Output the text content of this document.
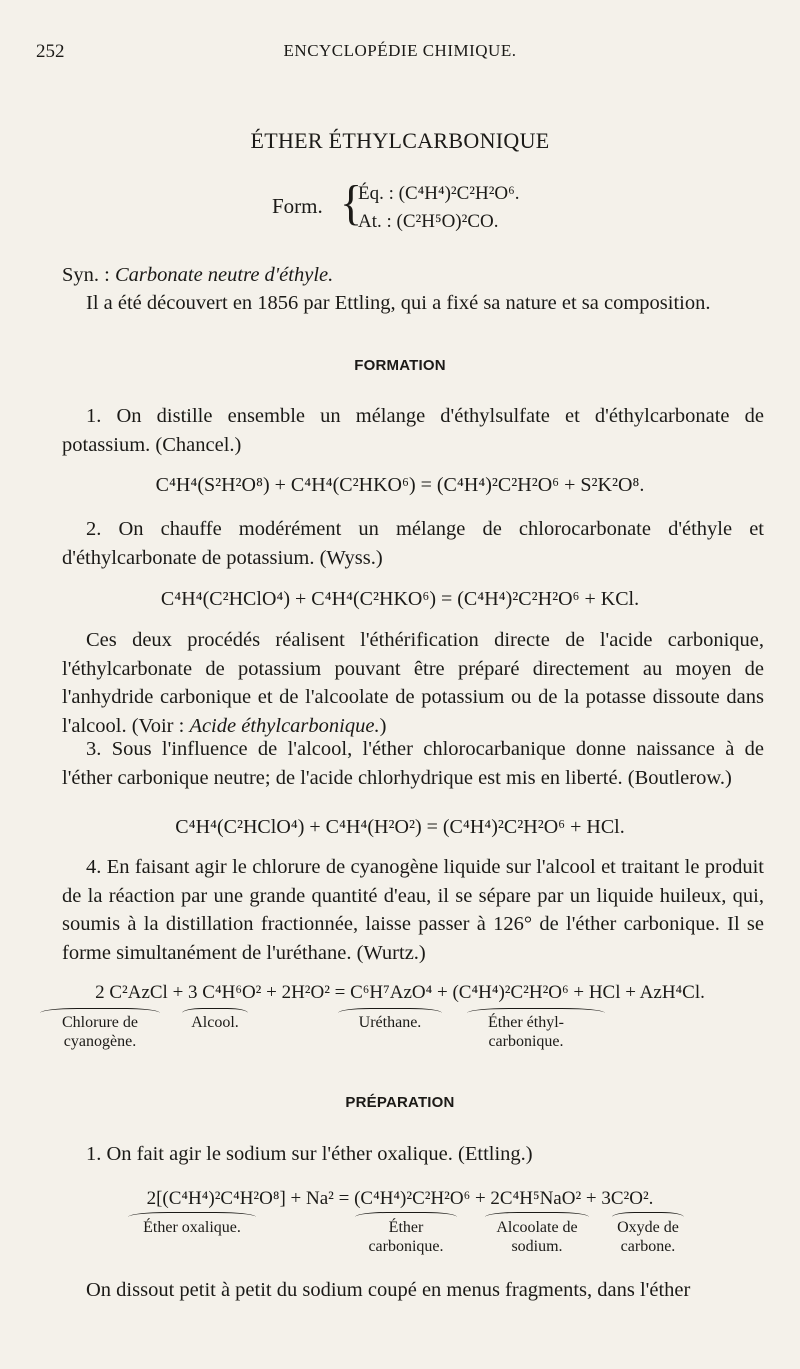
252	ENCYCLOPÉDIE CHIMIQUE.
ÉTHER ÉTHYLCARBONIQUE
Form. {
Éq. : (C⁴H⁴)²C²H²O⁶.
At. : (C²H⁵O)²CO.
Syn. : Carbonate neutre d'éthyle.
Il a été découvert en 1856 par Ettling, qui a fixé sa nature et sa composition.
FORMATION
1. On distille ensemble un mélange d'éthylsulfate et d'éthylcarbonate de potassium. (Chancel.)
C⁴H⁴(S²H²O⁸) + C⁴H⁴(C²HKO⁶) = (C⁴H⁴)²C²H²O⁶ + S²K²O⁸.
2. On chauffe modérément un mélange de chlorocarbonate d'éthyle et d'éthylcarbonate de potassium. (Wyss.)
C⁴H⁴(C²HClO⁴) + C⁴H⁴(C²HKO⁶) = (C⁴H⁴)²C²H²O⁶ + KCl.
Ces deux procédés réalisent l'éthérification directe de l'acide carbonique, l'éthylcarbonate de potassium pouvant être préparé directement au moyen de l'anhydride carbonique et de l'alcoolate de potassium ou de la potasse dissoute dans l'alcool. (Voir : Acide éthylcarbonique.)
3. Sous l'influence de l'alcool, l'éther chlorocarbanique donne naissance à de l'éther carbonique neutre; de l'acide chlorhydrique est mis en liberté. (Boutlerow.)
C⁴H⁴(C²HClO⁴) + C⁴H⁴(H²O²) = (C⁴H⁴)²C²H²O⁶ + HCl.
4. En faisant agir le chlorure de cyanogène liquide sur l'alcool et traitant le produit de la réaction par une grande quantité d'eau, il se sépare par un liquide huileux, qui, soumis à la distillation fractionnée, laisse passer à 126° de l'éther carbonique. Il se forme simultanément de l'uréthane. (Wurtz.)
2 C²AzCl + 3 C⁴H⁶O² + 2H²O² = C⁶H⁷AzO⁴ + (C⁴H⁴)²C²H²O⁶ + HCl + AzH⁴Cl.
Chlorure de cyanogène.
Alcool.	Uréthane.	Éther éthyl-carbonique.
PRÉPARATION
1. On fait agir le sodium sur l'éther oxalique. (Ettling.)
2[(C⁴H⁴)²C⁴H²O⁸] + Na² = (C⁴H⁴)²C²H²O⁶ + 2C⁴H⁵NaO² + 3C²O².
Éther oxalique.	Éther carbonique.
Alcoolate de sodium.
Oxyde de carbone.
On dissout petit à petit du sodium coupé en menus fragments, dans l'éther
